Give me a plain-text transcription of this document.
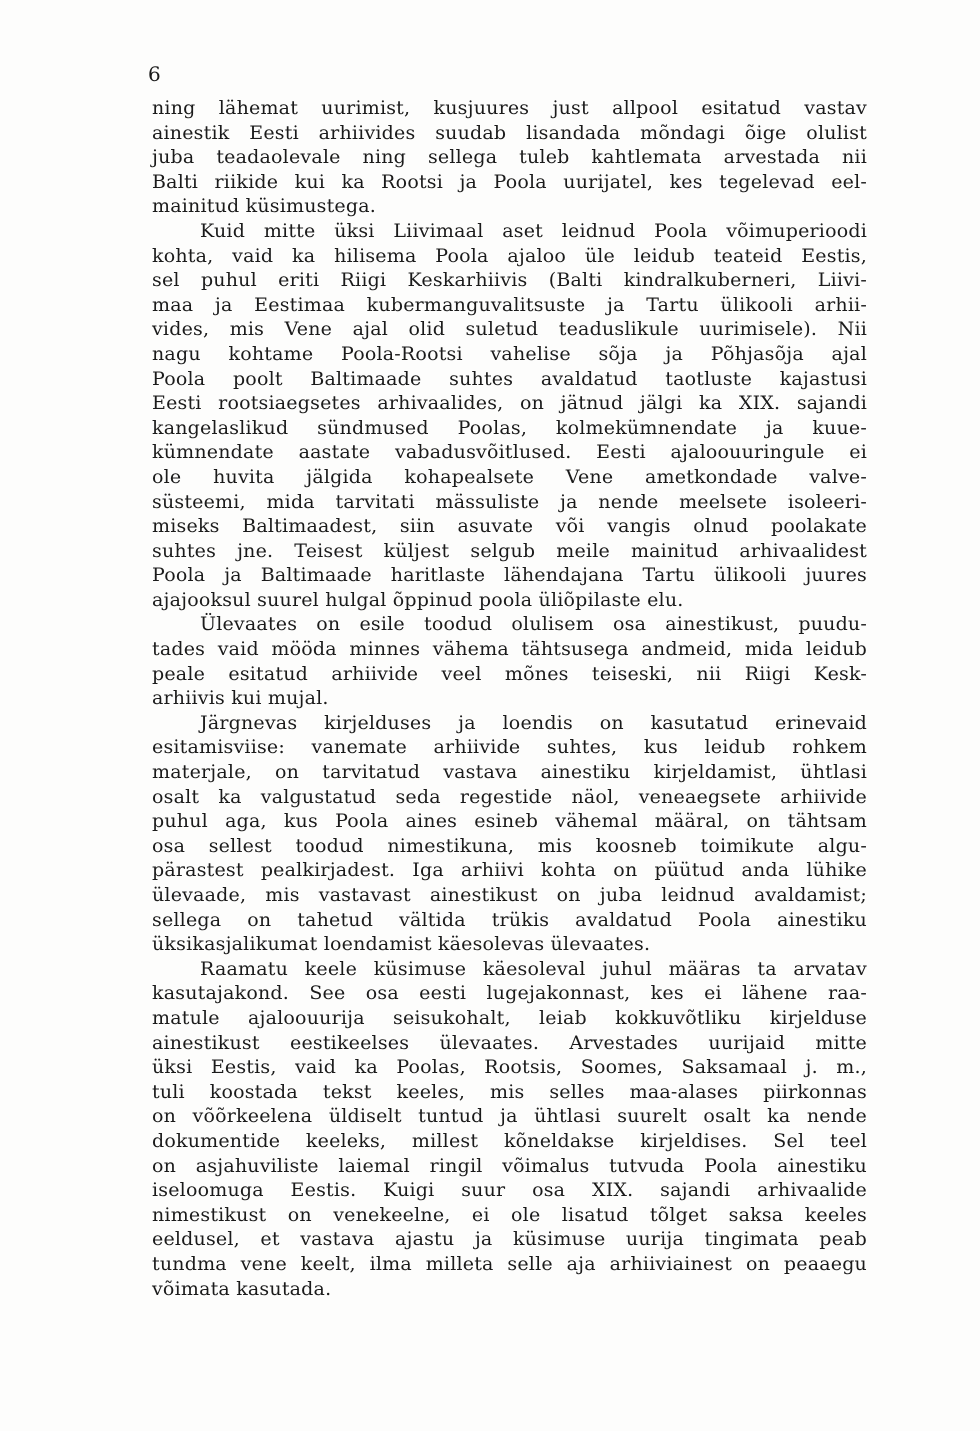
6
ning lähemat uurimist, kusjuures just allpool esitatud vastav
ainestik Eesti arhiivides suudab lisandada mõndagi õige olulist
juba teadaolevale ning sellega tuleb kahtlemata arvestada nii
Balti riikide kui ka Rootsi ja Poola uurijatel, kes tegelevad eel-
mainitud küsimustega.
Kuid mitte üksi Liivimaal aset leidnud Poola võimuperioodi
kohta, vaid ka hilisema Poola ajaloo üle leidub teateid Eestis,
sel puhul eriti Riigi Keskarhiivis (Balti kindralkuberneri, Liivi-
maa ja Eestimaa kubermanguvalitsuste ja Tartu ülikooli arhii-
vides, mis Vene ajal olid suletud teaduslikule uurimisele). Nii
nagu kohtame Poola-Rootsi vahelise sõja ja Põhjasõja ajal
Poola poolt Baltimaade suhtes avaldatud taotluste kajastusi
Eesti rootsiaegsetes arhivaalides, on jätnud jälgi ka XIX. sajandi
kangelaslikud sündmused Poolas, kolmekümnendate ja kuue-
kümnendate aastate vabadusvõitlused. Eesti ajaloouuringule ei
ole huvita jälgida kohapealsete Vene ametkondade valve-
süsteemi, mida tarvitati mässuliste ja nende meelsete isoleeri-
miseks Baltimaadest, siin asuvate või vangis olnud poolakate
suhtes jne. Teisest küljest selgub meile mainitud arhivaalidest
Poola ja Baltimaade haritlaste lähendajana Tartu ülikooli juures
ajajooksul suurel hulgal õppinud poola üliõpilaste elu.
Ülevaates on esile toodud olulisem osa ainestikust, puudu-
tades vaid mööda minnes vähema tähtsusega andmeid, mida leidub
peale esitatud arhiivide veel mõnes teiseski, nii Riigi Kesk-
arhiivis kui mujal.
Järgnevas kirjelduses ja loendis on kasutatud erinevaid
esitamisviise: vanemate arhiivide suhtes, kus leidub rohkem
materjale, on tarvitatud vastava ainestiku kirjeldamist, ühtlasi
osalt ka valgustatud seda regestide näol, veneaegsete arhiivide
puhul aga, kus Poola aines esineb vähemal määral, on tähtsam
osa sellest toodud nimestikuna, mis koosneb toimikute algu-
pärastest pealkirjadest. Iga arhiivi kohta on püütud anda lühike
ülevaade, mis vastavast ainestikust on juba leidnud avaldamist;
sellega on tahetud vältida trükis avaldatud Poola ainestiku
üksikasjalikumat loendamist käesolevas ülevaates.
Raamatu keele küsimuse käesoleval juhul määras ta arvatav
kasutajakond. See osa eesti lugejakonnast, kes ei lähene raa-
matule ajaloouurija seisukohalt, leiab kokkuvõtliku kirjelduse
ainestikust eestikeelses ülevaates. Arvestades uurijaid mitte
üksi Eestis, vaid ka Poolas, Rootsis, Soomes, Saksamaal j. m.,
tuli koostada tekst keeles, mis selles maa-alases piirkonnas
on võõrkeelena üldiselt tuntud ja ühtlasi suurelt osalt ka nende
dokumentide keeleks, millest kõneldakse kirjeldises. Sel teel
on asjahuviliste laiemal ringil võimalus tutvuda Poola ainestiku
iseloomuga Eestis. Kuigi suur osa XIX. sajandi arhivaalide
nimestikust on venekeelne, ei ole lisatud tõlget saksa keeles
eeldusel, et vastava ajastu ja küsimuse uurija tingimata peab
tundma vene keelt, ilma milleta selle aja arhiiviainest on peaaegu
võimata kasutada.
